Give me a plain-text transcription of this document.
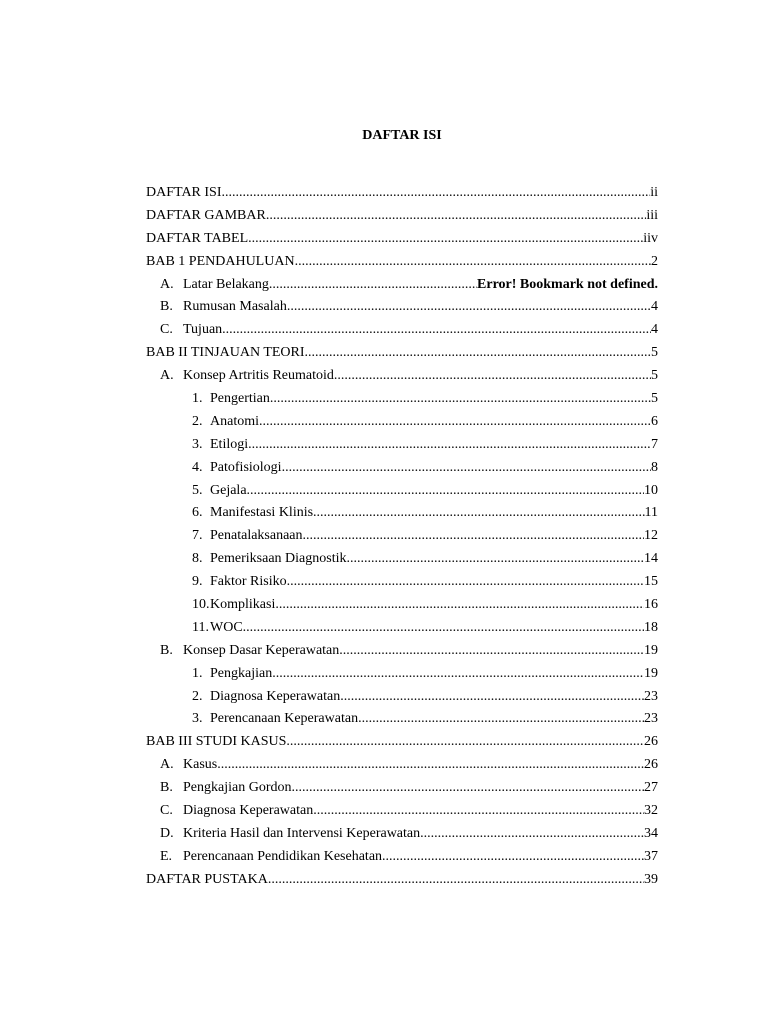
DAFTAR ISI
DAFTAR ISI .....	ii
DAFTAR GAMBAR .....	iii
DAFTAR TABEL .....	iiv
BAB 1 PENDAHULUAN .....	2
A. Latar Belakang .....	Error! Bookmark not defined.
B. Rumusan Masalah .....	4
C. Tujuan .....	4
BAB II TINJAUAN TEORI .....	5
A. Konsep Artritis Reumatoid .....	5
1. Pengertian .....	5
2. Anatomi .....	6
3. Etilogi .....	7
4. Patofisiologi .....	8
5. Gejala .....	10
6. Manifestasi Klinis .....	11
7. Penatalaksanaan .....	12
8. Pemeriksaan Diagnostik .....	14
9. Faktor Risiko .....	15
10. Komplikasi .....	16
11. WOC .....	18
B. Konsep Dasar Keperawatan .....	19
1. Pengkajian .....	19
2. Diagnosa Keperawatan .....	23
3. Perencanaan Keperawatan .....	23
BAB III STUDI KASUS .....	26
A. Kasus .....	26
B. Pengkajian Gordon .....	27
C. Diagnosa Keperawatan .....	32
D. Kriteria Hasil dan Intervensi Keperawatan .....	34
E. Perencanaan Pendidikan Kesehatan .....	37
DAFTAR PUSTAKA .....	39
